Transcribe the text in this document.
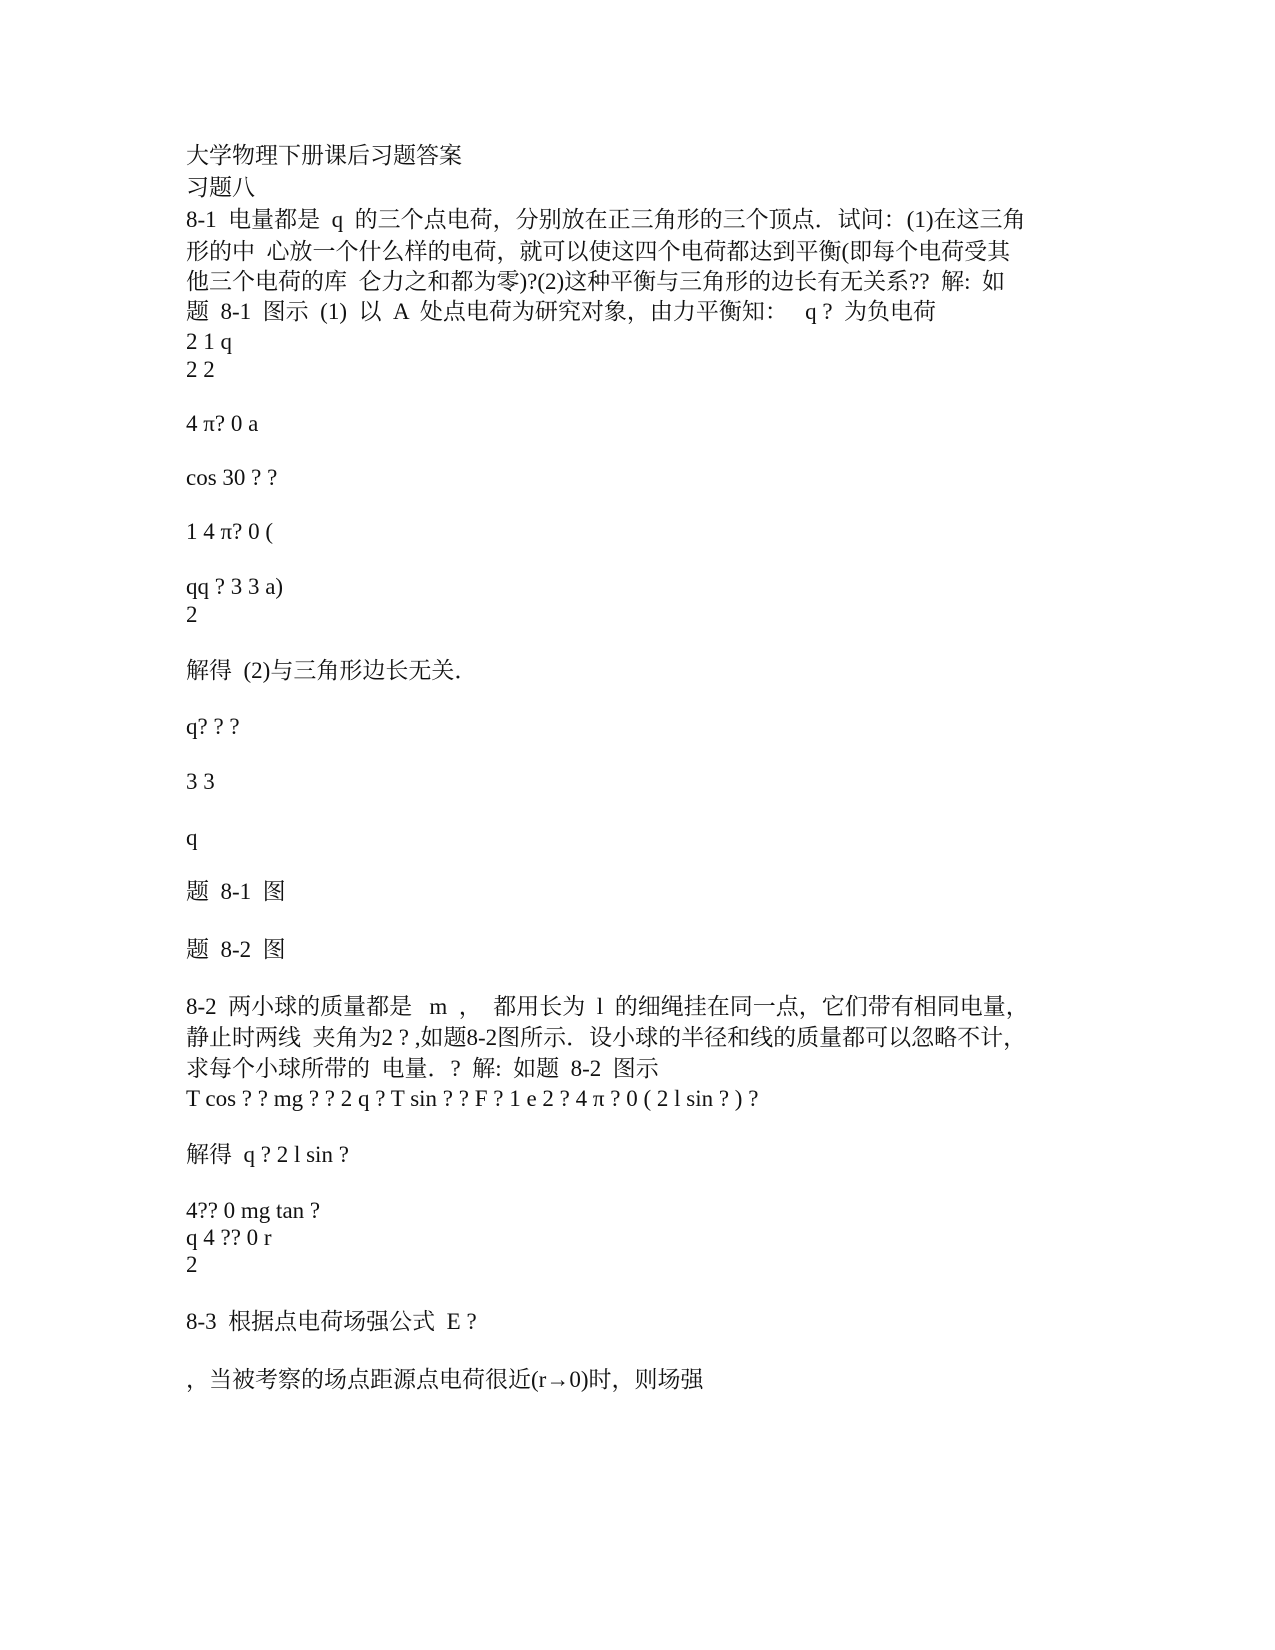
大学物理下册课后习题答案

习题八

8-1  电量都是  q  的三个点电荷，分别放在正三角形的三个顶点．试问：(1)在这三角

形的中  心放一个什么样的电荷，就可以使这四个电荷都达到平衡(即每个电荷受其

他三个电荷的库  仑力之和都为零)?(2)这种平衡与三角形的边长有无关系??  解:  如

题  8-1  图示  (1)  以  A  处点电荷为研究对象，由力平衡知：   q ?  为负电荷

2 1 q

2 2

4 π? 0 a

cos 30 ? ?

1 4 π? 0 (

qq ? 3 3 a)

2

解得  (2)与三角形边长无关．

q? ? ?

3 3

q

题  8-1  图

题  8-2  图

8-2  两小球的质量都是   m  ，  都用长为  l  的细绳挂在同一点，它们带有相同电量，

静止时两线  夹角为2 ? ,如题8-2图所示．设小球的半径和线的质量都可以忽略不计，

求每个小球所带的  电量．?  解:  如题  8-2  图示

T cos ? ? mg ? ? 2 q ? T sin ? ? F ? 1 e 2 ? 4 π ? 0 ( 2 l sin ? ) ?

解得  q ? 2 l sin ?

4?? 0 mg tan ?

q 4 ?? 0 r

2

8-3  根据点电荷场强公式  E ?

，当被考察的场点距源点电荷很近(r→0)时，则场强
